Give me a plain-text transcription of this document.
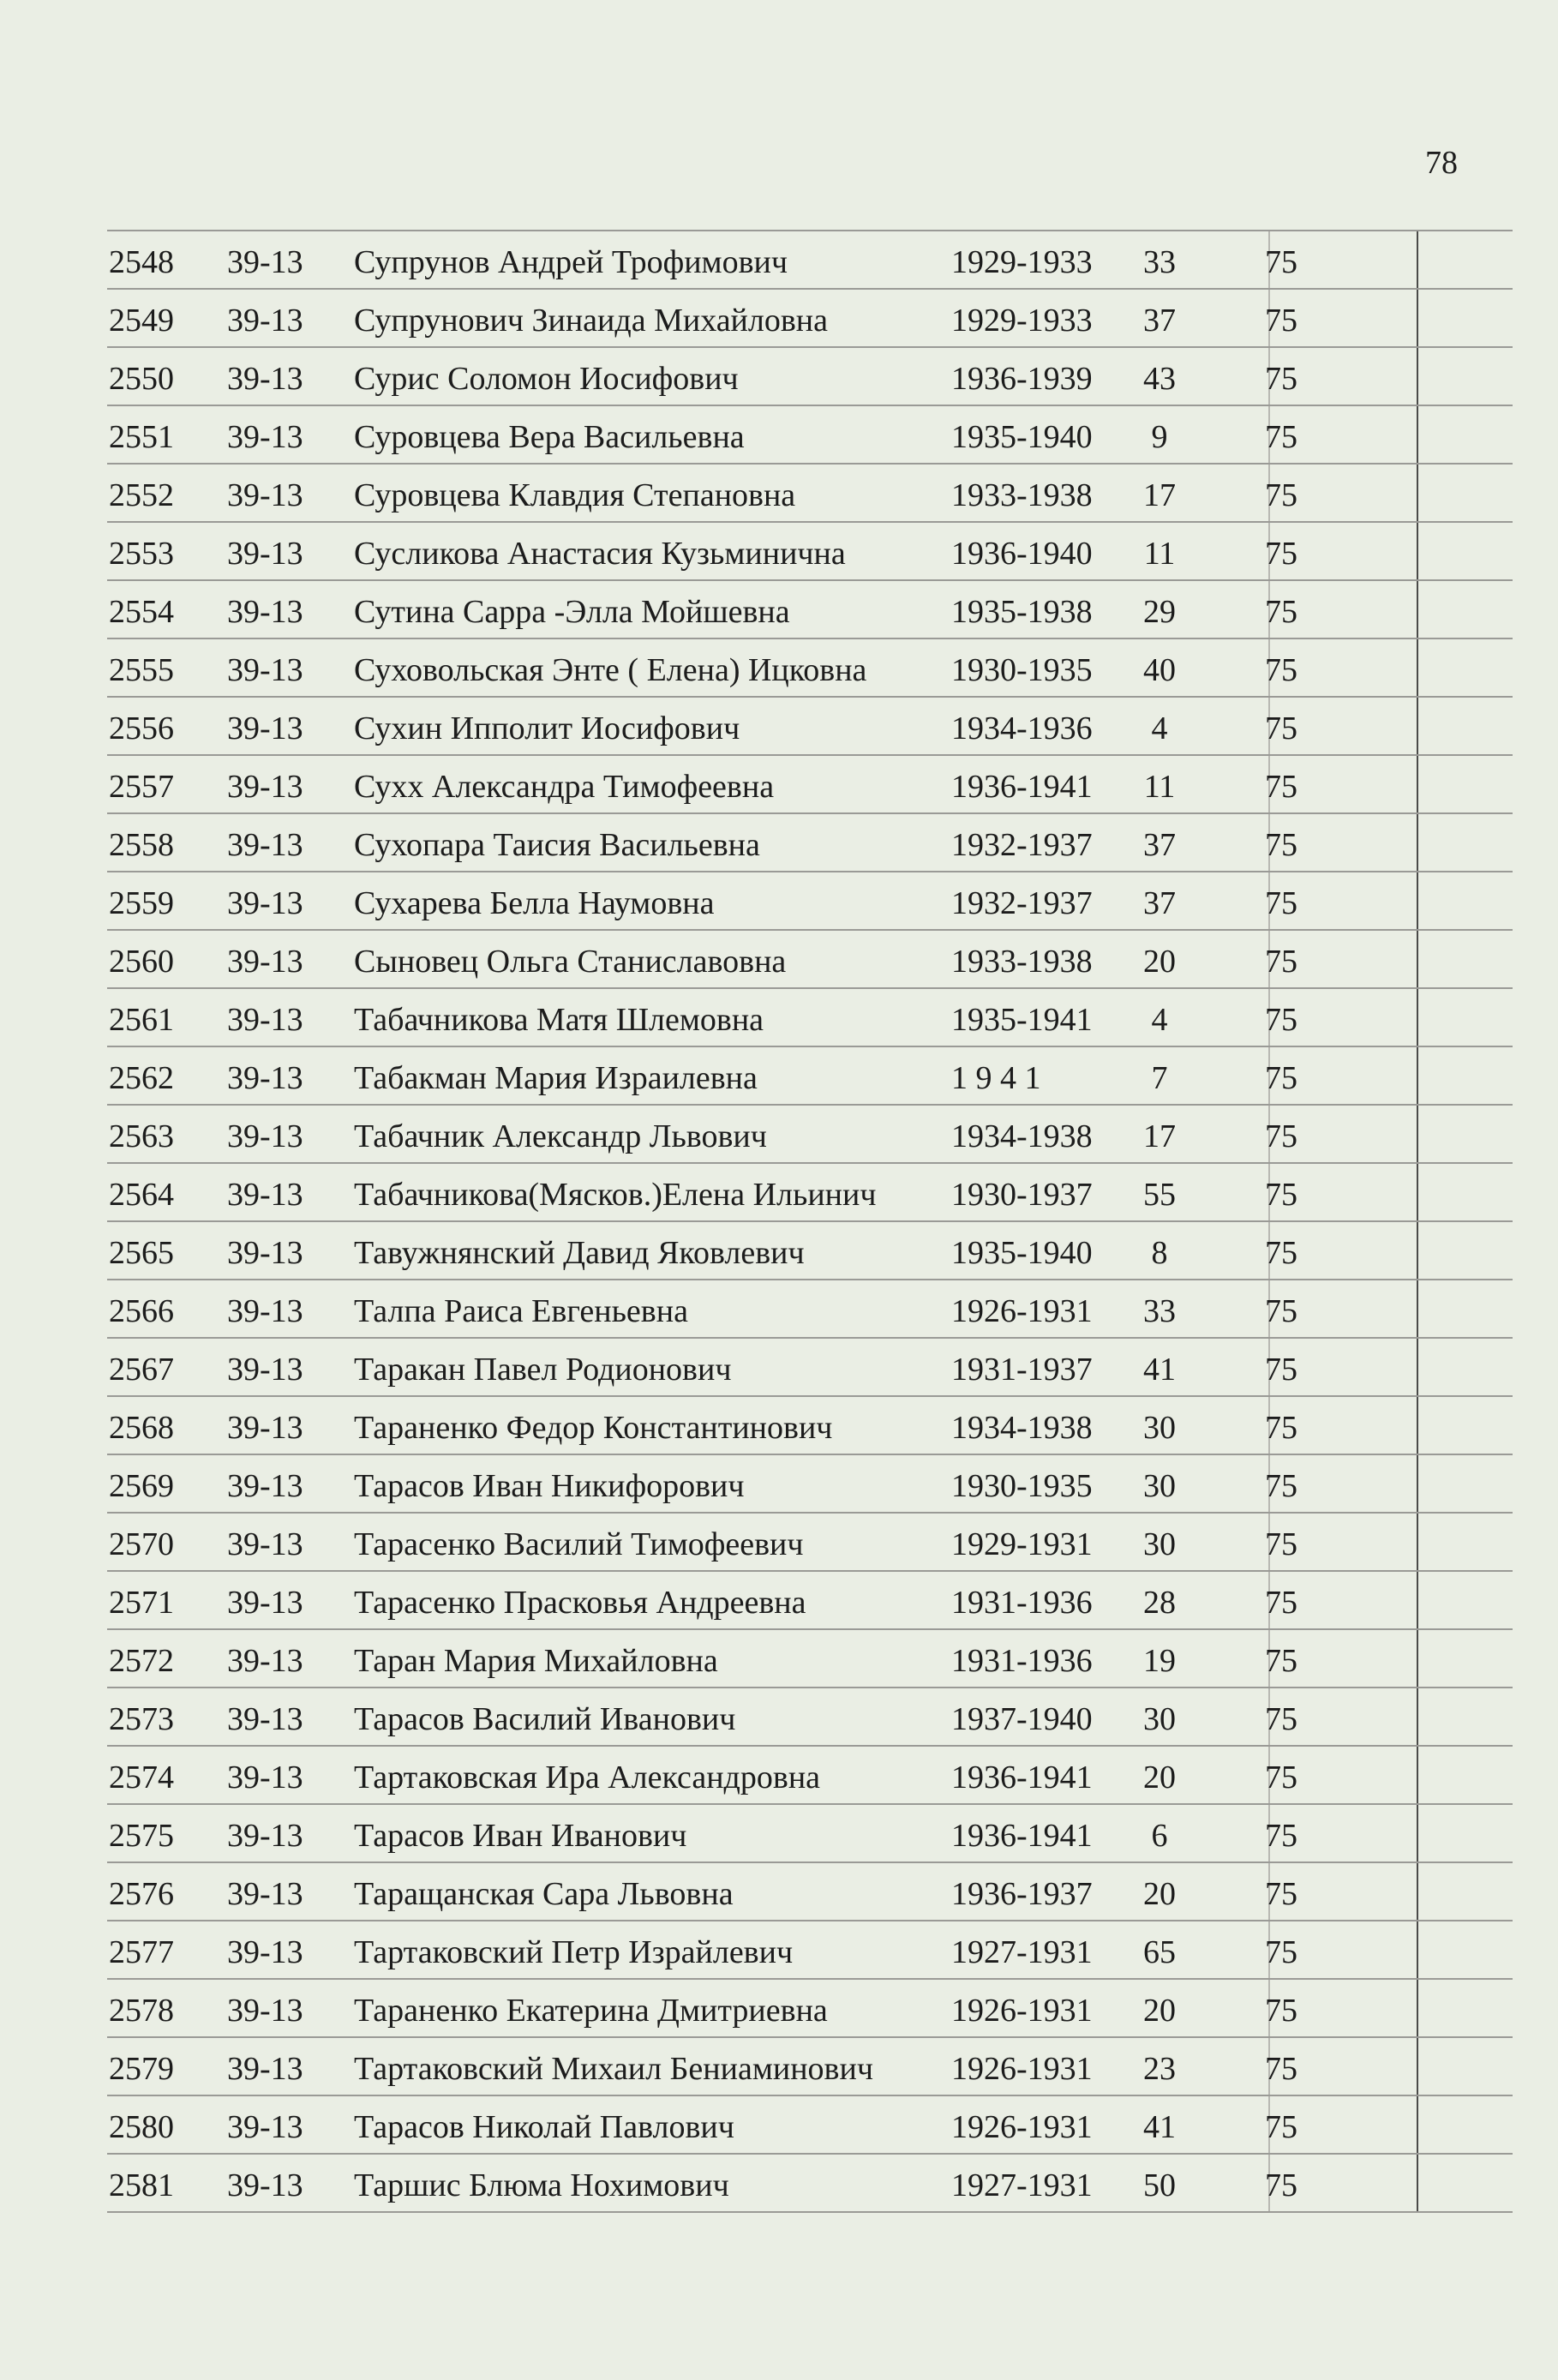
78
2548 39-13 Супрунов Андрей Трофимович	1929-1933 33	75
2549 39-13 Супрунович Зинаида Михайловна	1929-1933 37	75
2550 39-13 Сурис Соломон Иосифович	1936-1939 43	75
2551 39-13 Суровцева Вера Васильевна	1935-1940	9	75
2552 39-13 Суровцева Клавдия Степановна	1933-1938 17	75
2553 39-13 Сусликова Анастасия Кузьминична	1936-1940	11	75
2554 39-13 Сутина Сарра -Элла Мойшевна	1935-1938 29	75
2555 39-13 Суховольская Энте ( Елена) Ицковна	1930-1935 40	75
2556 39-13 Сухин Ипполит Иосифович	1934-1936	4	75
2557 39-13 Сухх Александра Тимофеевна	1936-1941	11	75
2558 39-13 Сухопара Таисия Васильевна	1932-1937 37	75
2559 39-13 Сухарева Белла Наумовна	1932-1937 37	75
2560 39-13 Сыновец Ольга Станиславовна	1933-1938 20	75
2561 39-13 Табачникова Матя Шлемовна	1935-1941	4	75
2562 39-13 Табакман Мария Израилевна	1 9 4 1	7	75
2563 39-13 Табачник Александр Львович	1934-1938 17	75
2564 39-13 Табачникова(Мясков.)Елена Ильинич 1930-1937 55	75
2565 39-13 Тавужнянский Давид Яковлевич	1935-1940	8	75
2566 39-13 Талпа Раиса Евгеньевна	1926-1931 33	75
2567 39-13 Таракан Павел Родионович	1931-1937 41	75
2568 39-13 Тараненко Федор Константинович	1934-1938 30	75
2569 39-13 Тарасов Иван Никифорович	1930-1935 30	75
2570 39-13 Тарасенко Василий Тимофеевич	1929-1931 30	75
2571 39-13 Тарасенко Прасковья Андреевна	1931-1936 28	75
2572 39-13 Таран Мария Михайловна	1931-1936 19	75
2573 39-13 Тарасов Василий Иванович	1937-1940 30	75
2574 39-13 Тартаковская Ира Александровна	1936-1941 20	75
2575 39-13 Тарасов Иван Иванович	1936-1941	6	75
2576 39-13 Таращанская Сара Львовна	1936-1937 20	75
2577 39-13 Тартаковский Петр Израйлевич	1927-1931 65	75
2578 39-13 Тараненко Екатерина Дмитриевна	1926-1931 20	75
2579 39-13 Тартаковский Михаил Бениаминович 1926-1931 23	75
2580 39-13 Тарасов Николай Павлович	1926-1931 41	75
2581 39-13 Таршис Блюма Нохимович	1927-1931 50	75
